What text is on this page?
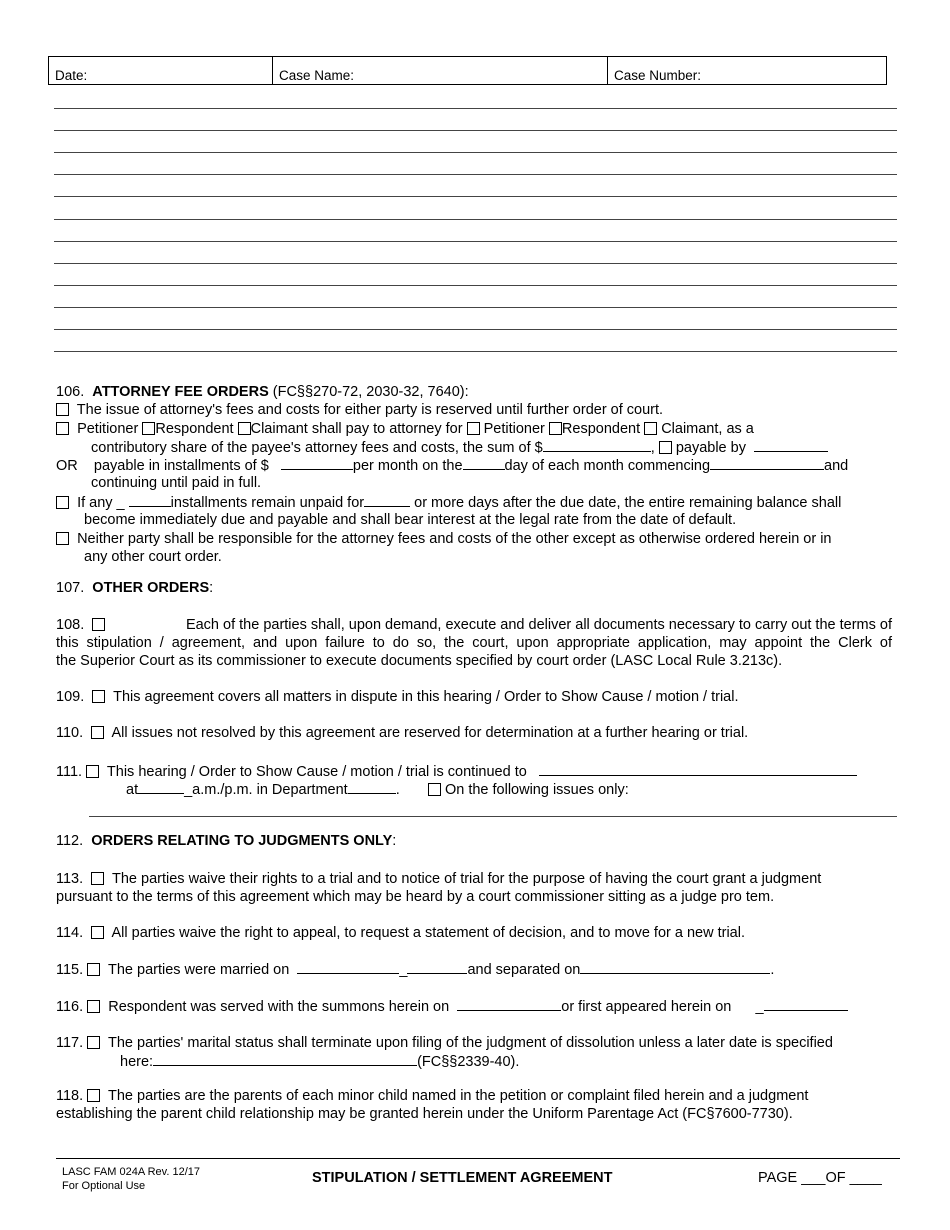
Date:	Case Name:	Case Number:
106. ATTORNEY FEE ORDERS (FC§§270-72, 2030-32, 7640):
The issue of attorney's fees and costs for either party is reserved until further order of court.
Petitioner Respondent Claimant shall pay to attorney for Petitioner Respondent Claimant, as a
contributory share of the payee's attorney fees and costs, the sum of $	, payable by
OR payable in installments of $	per month on the	day of each month commencing	and
continuing until paid in full.
If any _	installments remain unpaid for	or more days after the due date, the entire remaining balance shall
become immediately due and payable and shall bear interest at the legal rate from the date of default.
Neither party shall be responsible for the attorney fees and costs of the other except as otherwise ordered herein or in
any other court order.
107. OTHER ORDERS:
108.	Each of the parties shall, upon demand, execute and deliver all documents necessary to carry out the terms of
this stipulation / agreement, and upon failure to do so, the court, upon appropriate application, may appoint the Clerk of
the Superior Court as its commissioner to execute documents specified by court order (LASC Local Rule 3.213c).
109. This agreement covers all matters in dispute in this hearing / Order to Show Cause / motion / trial.
110. All issues not resolved by this agreement are reserved for determination at a further hearing or trial.
111. This hearing / Order to Show Cause / motion / trial is continued to
at	_a.m./p.m. in Department	.	On the following issues only:
112. ORDERS RELATING TO JUDGMENTS ONLY:
113. The parties waive their rights to a trial and to notice of trial for the purpose of having the court grant a judgment
pursuant to the terms of this agreement which may be heard by a court commissioner sitting as a judge pro tem.
114. All parties waive the right to appeal, to request a statement of decision, and to move for a new trial.
115. The parties were married on	_	and separated on	.
116. Respondent was served with the summons herein on	or first appeared herein on _
117. The parties' marital status shall terminate upon filing of the judgment of dissolution unless a later date is specified
here:	(FC§§2339-40).
118. The parties are the parents of each minor child named in the petition or complaint filed herein and a judgment
establishing the parent child relationship may be granted herein under the Uniform Parentage Act (FC§7600-7730).
LASC FAM 024A Rev. 12/17
For Optional Use	STIPULATION / SETTLEMENT AGREEMENT	PAGE ___OF ____
